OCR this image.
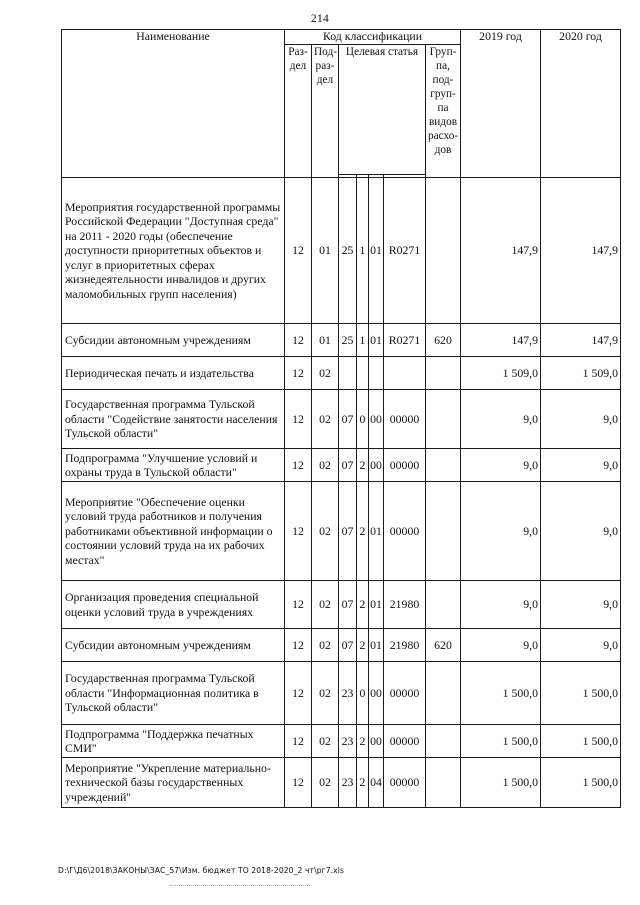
214
Наименование	Код классификации							2019 год	2020 год
	Раз-дел	Под-раз-дел	Целевая статья				Груп-па, под-груп-па видов расхо-дов		

Мероприятия государственной программы Российской Федерации "Доступная среда" на 2011 - 2020 годы (обеспечение доступности приоритетных объектов и услуг в приоритетных сферах жизнедеятельности инвалидов и других маломобильных групп населения)	12	01	25	1	01	R0271		147,9	147,9
Субсидии автономным учреждениям	12	01	25	1	01	R0271	620	147,9	147,9
Периодическая печать и издательства	12	02						1 509,0	1 509,0
Государственная программа Тульской области "Содействие занятости населения Тульской области"	12	02	07	0	00	00000		9,0	9,0
Подпрограмма "Улучшение условий и охраны труда в Тульской области"	12	02	07	2	00	00000		9,0	9,0
Мероприятие "Обеспечение оценки условий труда работников и получения работниками объективной информации о состоянии условий труда на их рабочих местах"	12	02	07	2	01	00000		9,0	9,0
Организация проведения специальной оценки условий труда в учреждениях	12	02	07	2	01	21980		9,0	9,0
Субсидии автономным учреждениям	12	02	07	2	01	21980	620	9,0	9,0
Государственная программа Тульской области "Информационная политика в Тульской области"	12	02	23	0	00	00000		1 500,0	1 500,0
Подпрограмма "Поддержка печатных СМИ"	12	02	23	2	00	00000		1 500,0	1 500,0
Мероприятие "Укрепление материально-технической базы государственных учреждений"	12	02	23	2	04	00000		1 500,0	1 500,0
D:\Г\Д6\2018\ЗАКОНЫ\ЗАС_57\Изм. бюджет ТО 2018-2020_2 чт\рг7.xls
